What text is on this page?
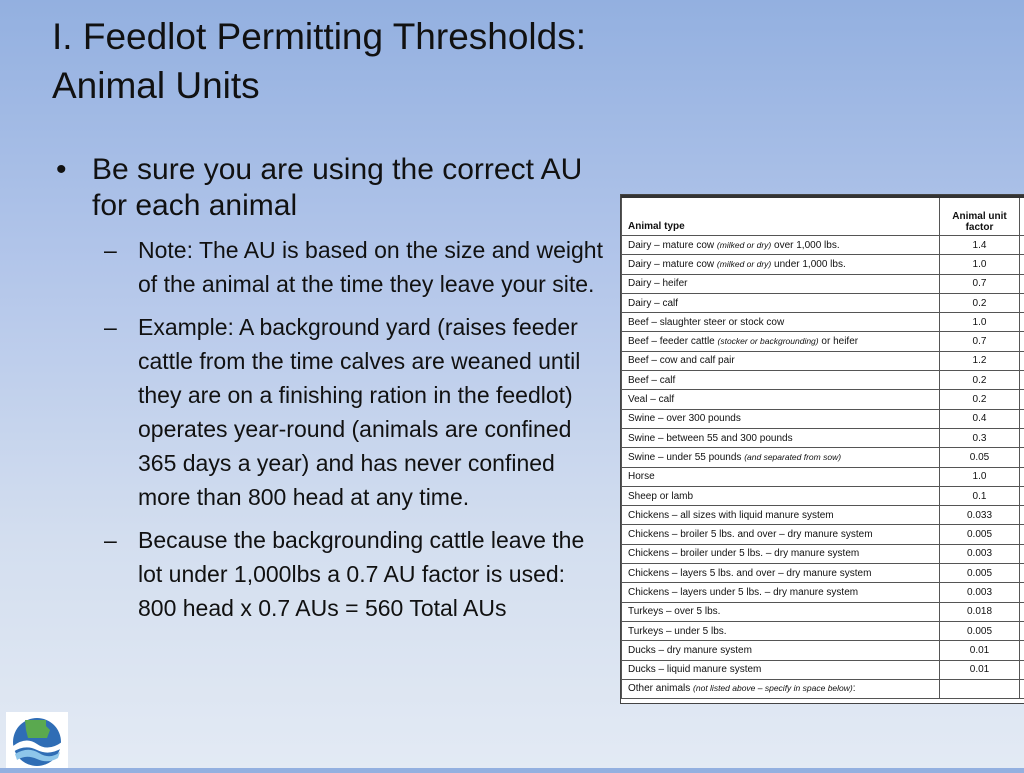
I. Feedlot Permitting Thresholds:
Animal Units
• Be sure you are using the correct AU for each animal
– Note: The AU is based on the size and weight of the animal at the time they leave your site.
– Example: A background yard (raises feeder cattle from the time calves are weaned until they are on a finishing ration in the feedlot) operates year-round (animals are confined 365 days a year) and has never confined more than 800 head at any time.
– Because the backgrounding cattle leave the lot under 1,000lbs a 0.7 AU factor is used: 800 head x 0.7 AUs = 560 Total AUs
Animal type	Animal unit
factor	
Dairy – mature cow (milked or dry) over 1,000 lbs.	1.4	
Dairy – mature cow (milked or dry) under 1,000 lbs.	1.0	
Dairy – heifer	0.7	
Dairy – calf	0.2	
Beef – slaughter steer or stock cow	1.0	
Beef – feeder cattle (stocker or backgrounding) or heifer	0.7	
Beef – cow and calf pair	1.2	
Beef – calf	0.2	
Veal – calf	0.2	
Swine – over 300 pounds	0.4	
Swine – between 55 and 300 pounds	0.3	
Swine – under 55 pounds (and separated from sow)	0.05	
Horse	1.0	
Sheep or lamb	0.1	
Chickens – all sizes with liquid manure system	0.033	
Chickens – broiler 5 lbs. and over – dry manure system	0.005	
Chickens – broiler under 5 lbs. – dry manure system	0.003	
Chickens – layers 5 lbs. and over – dry manure system	0.005	
Chickens – layers under 5 lbs. – dry manure system	0.003	
Turkeys – over 5 lbs.	0.018	
Turkeys – under 5 lbs.	0.005	
Ducks – dry manure system	0.01	
Ducks – liquid manure system	0.01	
Other animals (not listed above – specify in space below):		
